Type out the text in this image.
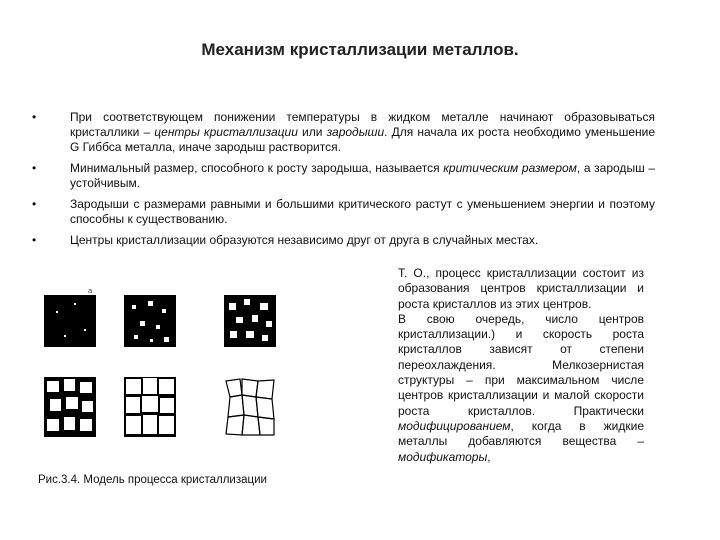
Механизм кристаллизации металлов.
•	При соответствующем понижении температуры в жидком металле начинают образовываться кристаллики – центры кристаллизации или зародыши. Для начала их роста необходимо уменьшение G Гиббса металла, иначе зародыш растворится.
•	Минимальный размер, способного к росту зародыша, называется критическим размером, а зародыш – устойчивым.
•	Зародыши с размерами равными и большими критического растут с уменьшением энергии и поэтому способны к существованию.
•	Центры кристаллизации образуются независимо друг от друга в случайных местах.
a
Рис.3.4. Модель процесса кристаллизации
Т. О., процесс кристаллизации состоит из образования центров кристаллизации и роста кристаллов из этих центров.
В свою очередь, число центров кристаллизации.) и скорость роста кристаллов зависят от степени переохлаждения. Мелкозернистая структуры – при максимальном числе центров кристаллизации и малой скорости роста кристаллов. Практически модифицированием, когда в жидкие металлы добавляются вещества – модификаторы,
